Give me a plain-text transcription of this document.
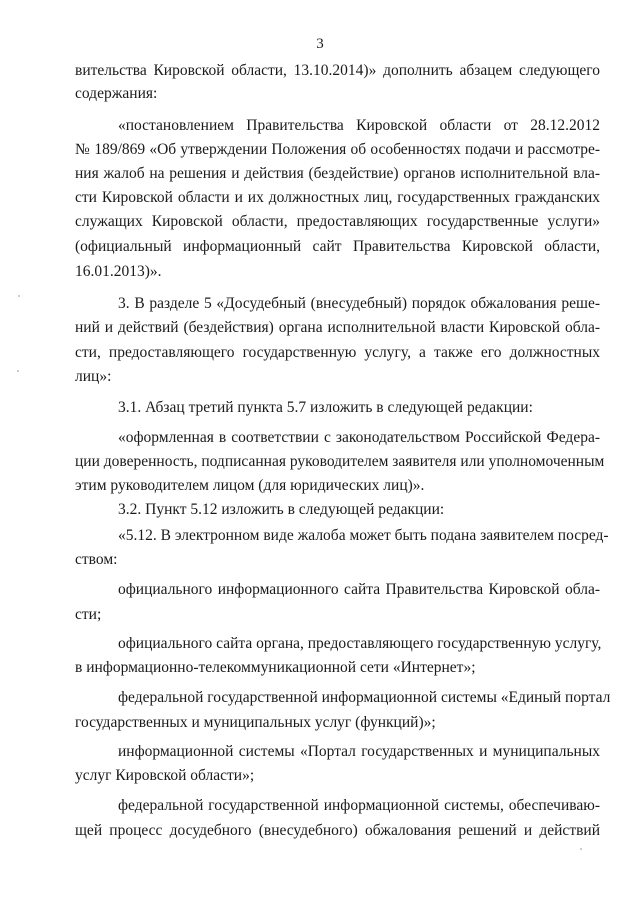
3
вительства Кировской области, 13.10.2014)» дополнить абзацем следующего
содержания:
«постановлением Правительства Кировской области от 28.12.2012
№ 189/869 «Об утверждении Положения об особенностях подачи и рассмотре-
ния жалоб на решения и действия (бездействие) органов исполнительной вла-
сти Кировской области и их должностных лиц, государственных гражданских
служащих Кировской области, предоставляющих государственные услуги»
(официальный информационный сайт Правительства Кировской области,
16.01.2013)».
3. В разделе 5 «Досудебный (внесудебный) порядок обжалования реше-
ний и действий (бездействия) органа исполнительной власти Кировской обла-
сти, предоставляющего государственную услугу, а также его должностных
лиц»:
3.1. Абзац третий пункта 5.7 изложить в следующей редакции:
«оформленная в соответствии с законодательством Российской Федера-
ции доверенность, подписанная руководителем заявителя или уполномоченным
этим руководителем лицом (для юридических лиц)».
3.2. Пункт 5.12 изложить в следующей редакции:
«5.12. В электронном виде жалоба может быть подана заявителем посред-
ством:
официального информационного сайта Правительства Кировской обла-
сти;
официального сайта органа, предоставляющего государственную услугу,
в информационно-телекоммуникационной сети «Интернет»;
федеральной государственной информационной системы «Единый портал
государственных и муниципальных услуг (функций)»;
информационной системы «Портал государственных и муниципальных
услуг Кировской области»;
федеральной государственной информационной системы, обеспечиваю-
щей процесс досудебного (внесудебного) обжалования решений и действий
